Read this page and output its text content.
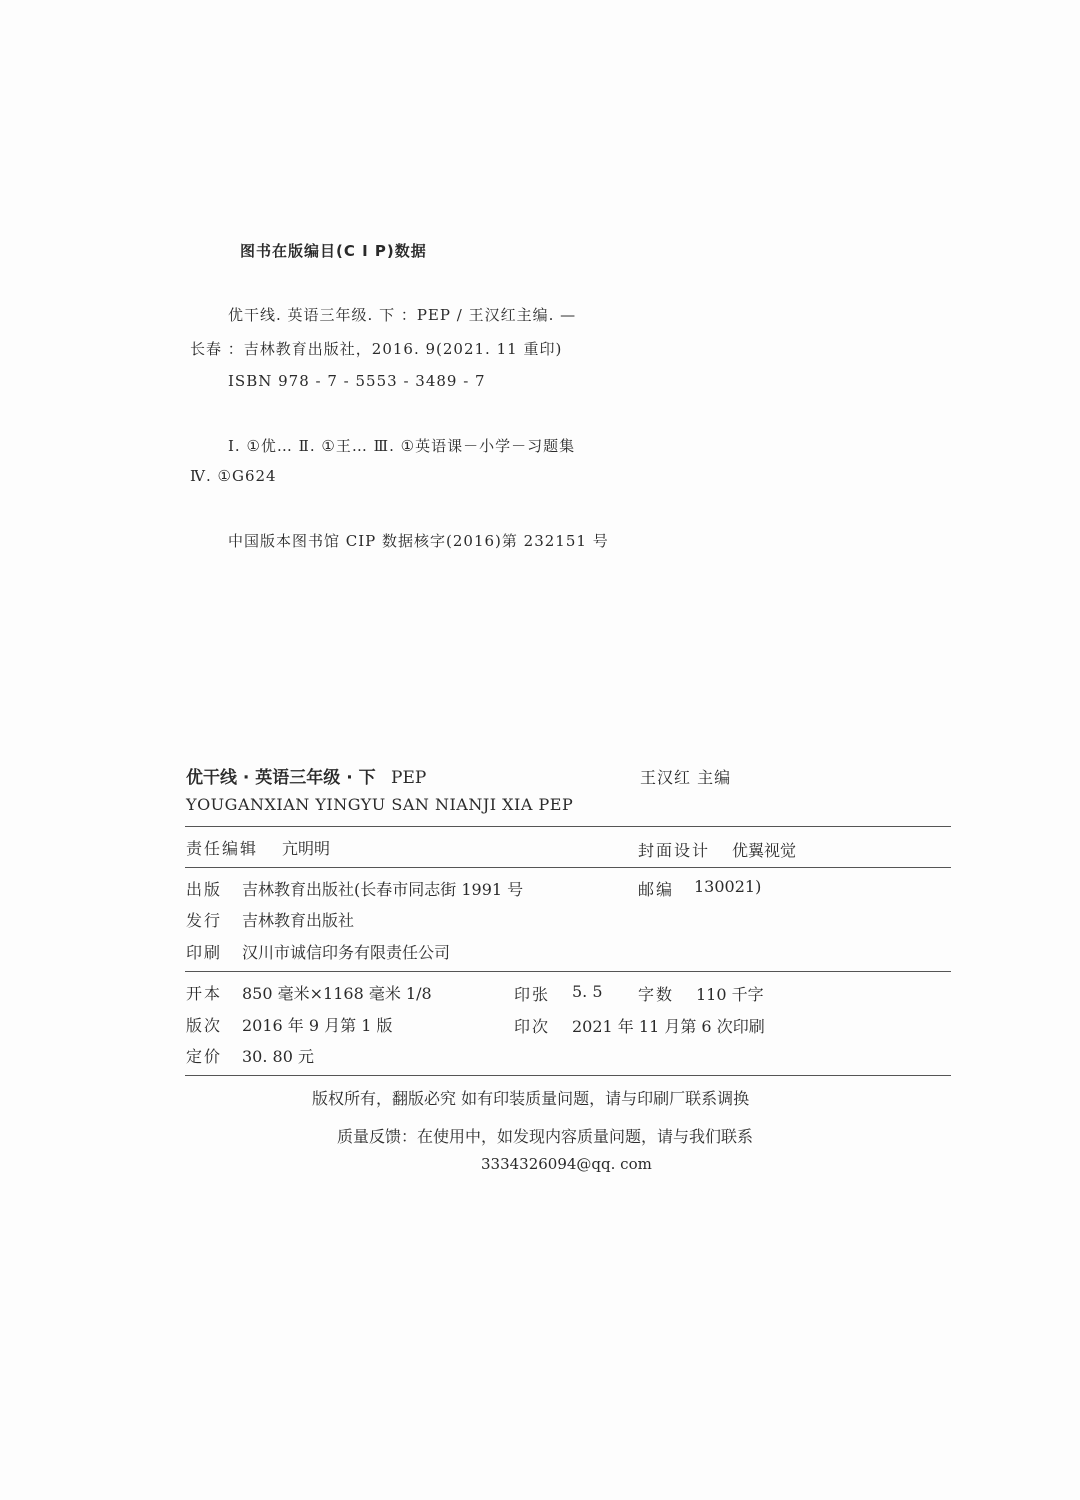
图书在版编目(C I P)数据
优干线. 英语三年级. 下 ：PEP / 王汉红主编. —
长春 ：吉林教育出版社，2016. 9(2021. 11 重印)
ISBN 978 - 7 - 5553 - 3489 - 7
Ⅰ. ①优… Ⅱ. ①王… Ⅲ. ①英语课－小学－习题集
Ⅳ. ①G624
中国版本图书馆 CIP 数据核字(2016)第 232151 号
优干线 · 英语三年级 · 下 PEP	王汉红 主编
YOUGANXIAN YINGYU SAN NIANJI XIA PEP
责任编辑 亢明明	封面设计 优翼视觉
出版 吉林教育出版社(长春市同志街 1991 号	邮编 130021)
发行 吉林教育出版社
印刷 汉川市诚信印务有限责任公司
开本 850 毫米×1168 毫米 1/8	印张 5. 5 字数 110 千字
版次 2016 年 9 月第 1 版	印次 2021 年 11 月第 6 次印刷
定价 30. 80 元
版权所有，翻版必究 如有印装质量问题，请与印刷厂联系调换
质量反馈：在使用中，如发现内容质量问题，请与我们联系
3334326094@qq. com
